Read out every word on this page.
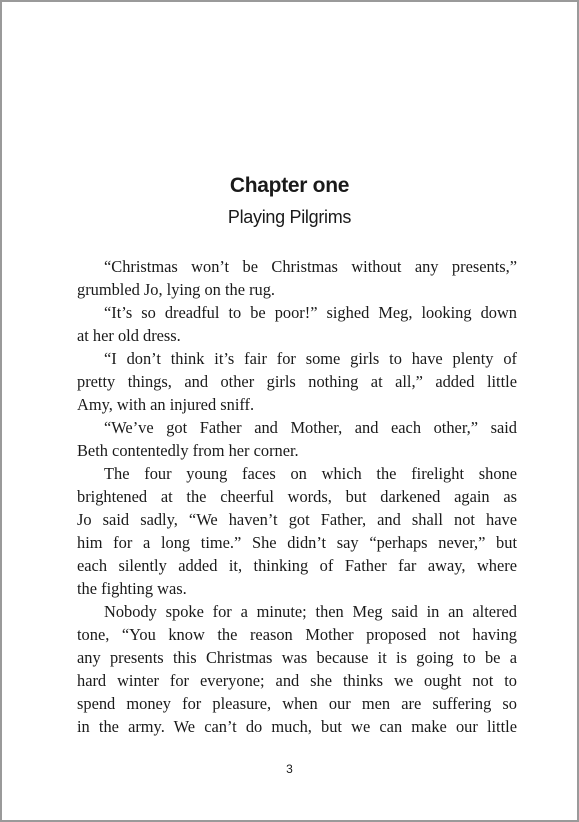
Chapter one
Playing Pilgrims
“Christmas won’t be Christmas without any presents,”
grumbled Jo, lying on the rug.
“It’s so dreadful to be poor!” sighed Meg, looking down
at her old dress.
“I don’t think it’s fair for some girls to have plenty of
pretty things, and other girls nothing at all,” added little
Amy, with an injured sniff.
“We’ve got Father and Mother, and each other,” said
Beth contentedly from her corner.
The four young faces on which the firelight shone
brightened at the cheerful words, but darkened again as
Jo said sadly, “We haven’t got Father, and shall not have
him for a long time.” She didn’t say “perhaps never,” but
each silently added it, thinking of Father far away, where
the fighting was.
Nobody spoke for a minute; then Meg said in an altered
tone, “You know the reason Mother proposed not having
any presents this Christmas was because it is going to be a
hard winter for everyone; and she thinks we ought not to
spend money for pleasure, when our men are suffering so
in the army. We can’t do much, but we can make our little
3
